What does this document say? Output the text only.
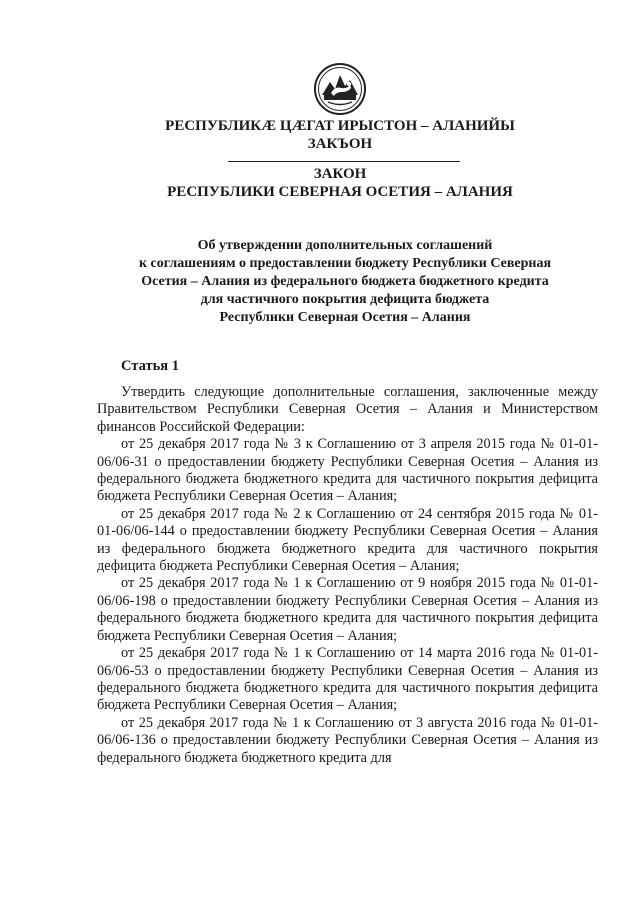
РЕСПУБЛИКӔ ЦӔГАТ ИРЫСТОН – АЛАНИЙЫ
ЗАКЪОН
ЗАКОН
РЕСПУБЛИКИ СЕВЕРНАЯ ОСЕТИЯ – АЛАНИЯ
Об утверждении дополнительных соглашений
к соглашениям о предоставлении бюджету Республики Северная
Осетия – Алания из федерального бюджета бюджетного кредита
для частичного покрытия дефицита бюджета
Республики Северная Осетия – Алания
Статья 1

Утвердить следующие дополнительные соглашения, заключенные между Правительством Республики Северная Осетия – Алания и Министерством финансов Российской Федерации:

от 25 декабря 2017 года № 3 к Соглашению от 3 апреля 2015 года № 01-01-06/06-31 о предоставлении бюджету Республики Северная Осетия – Алания из федерального бюджета бюджетного кредита для частичного покрытия дефицита бюджета Республики Северная Осетия – Алания;

от 25 декабря 2017 года № 2 к Соглашению от 24 сентября 2015 года № 01-01-06/06-144 о предоставлении бюджету Республики Северная Осетия – Алания из федерального бюджета бюджетного кредита для частичного покрытия дефицита бюджета Республики Северная Осетия – Алания;

от 25 декабря 2017 года № 1 к Соглашению от 9 ноября 2015 года № 01-01-06/06-198 о предоставлении бюджету Республики Северная Осетия – Алания из федерального бюджета бюджетного кредита для частичного покрытия дефицита бюджета Республики Северная Осетия – Алания;

от 25 декабря 2017 года № 1 к Соглашению от 14 марта 2016 года № 01-01-06/06-53 о предоставлении бюджету Республики Северная Осетия – Алания из федерального бюджета бюджетного кредита для частичного покрытия дефицита бюджета Республики Северная Осетия – Алания;

от 25 декабря 2017 года № 1 к Соглашению от 3 августа 2016 года № 01-01-06/06-136 о предоставлении бюджету Республики Северная Осетия – Алания из федерального бюджета бюджетного кредита для
